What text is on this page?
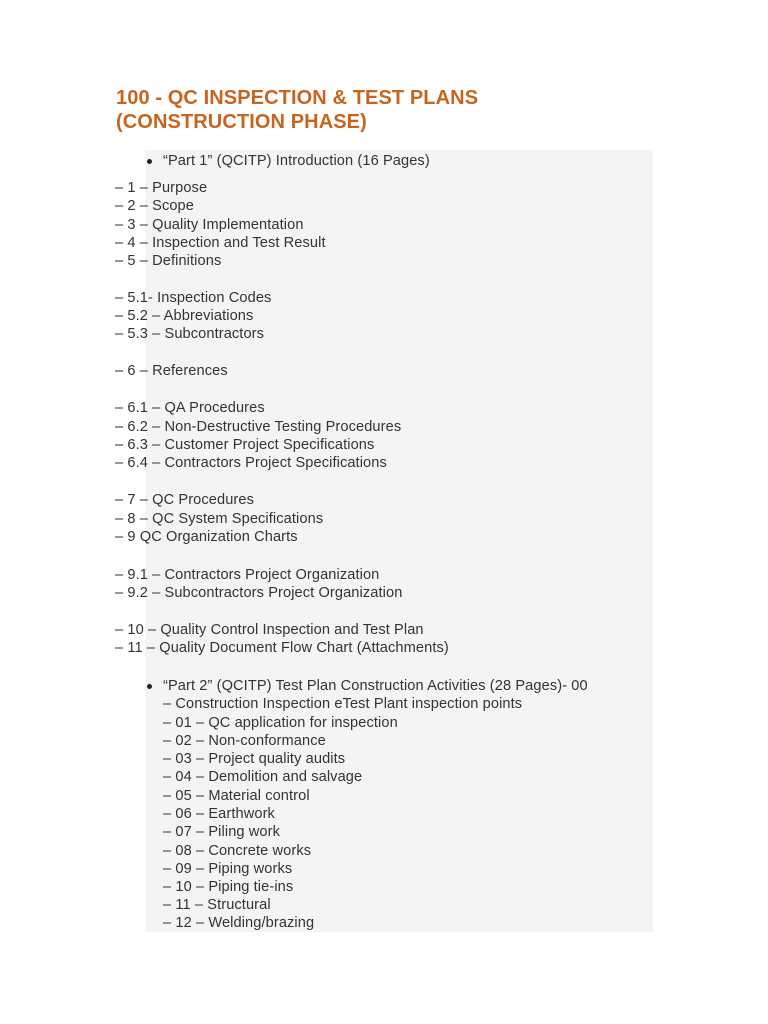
100 - QC INSPECTION & TEST PLANS
(CONSTRUCTION PHASE)
“Part 1” (QCITP) Introduction (16 Pages)
– 1 – Purpose
– 2 – Scope
– 3 – Quality Implementation
– 4 – Inspection and Test Result
– 5 – Definitions
– 5.1- Inspection Codes
– 5.2 – Abbreviations
– 5.3 – Subcontractors
– 6 – References
– 6.1 – QA Procedures
– 6.2 – Non-Destructive Testing Procedures
– 6.3 – Customer Project Specifications
– 6.4 – Contractors Project Specifications
– 7 – QC Procedures
– 8 – QC System Specifications
– 9 QC Organization Charts
– 9.1 – Contractors Project Organization
– 9.2 – Subcontractors Project Organization
– 10 – Quality Control Inspection and Test Plan
– 11 – Quality Document Flow Chart (Attachments)
“Part 2” (QCITP) Test Plan Construction Activities (28 Pages)- 00
– Construction Inspection eTest Plant inspection points
– 01 – QC application for inspection
– 02 – Non-conformance
– 03 – Project quality audits
– 04 – Demolition and salvage
– 05 – Material control
– 06 – Earthwork
– 07 – Piling work
– 08 – Concrete works
– 09 – Piping works
– 10 – Piping tie-ins
– 11 – Structural
– 12 – Welding/brazing
